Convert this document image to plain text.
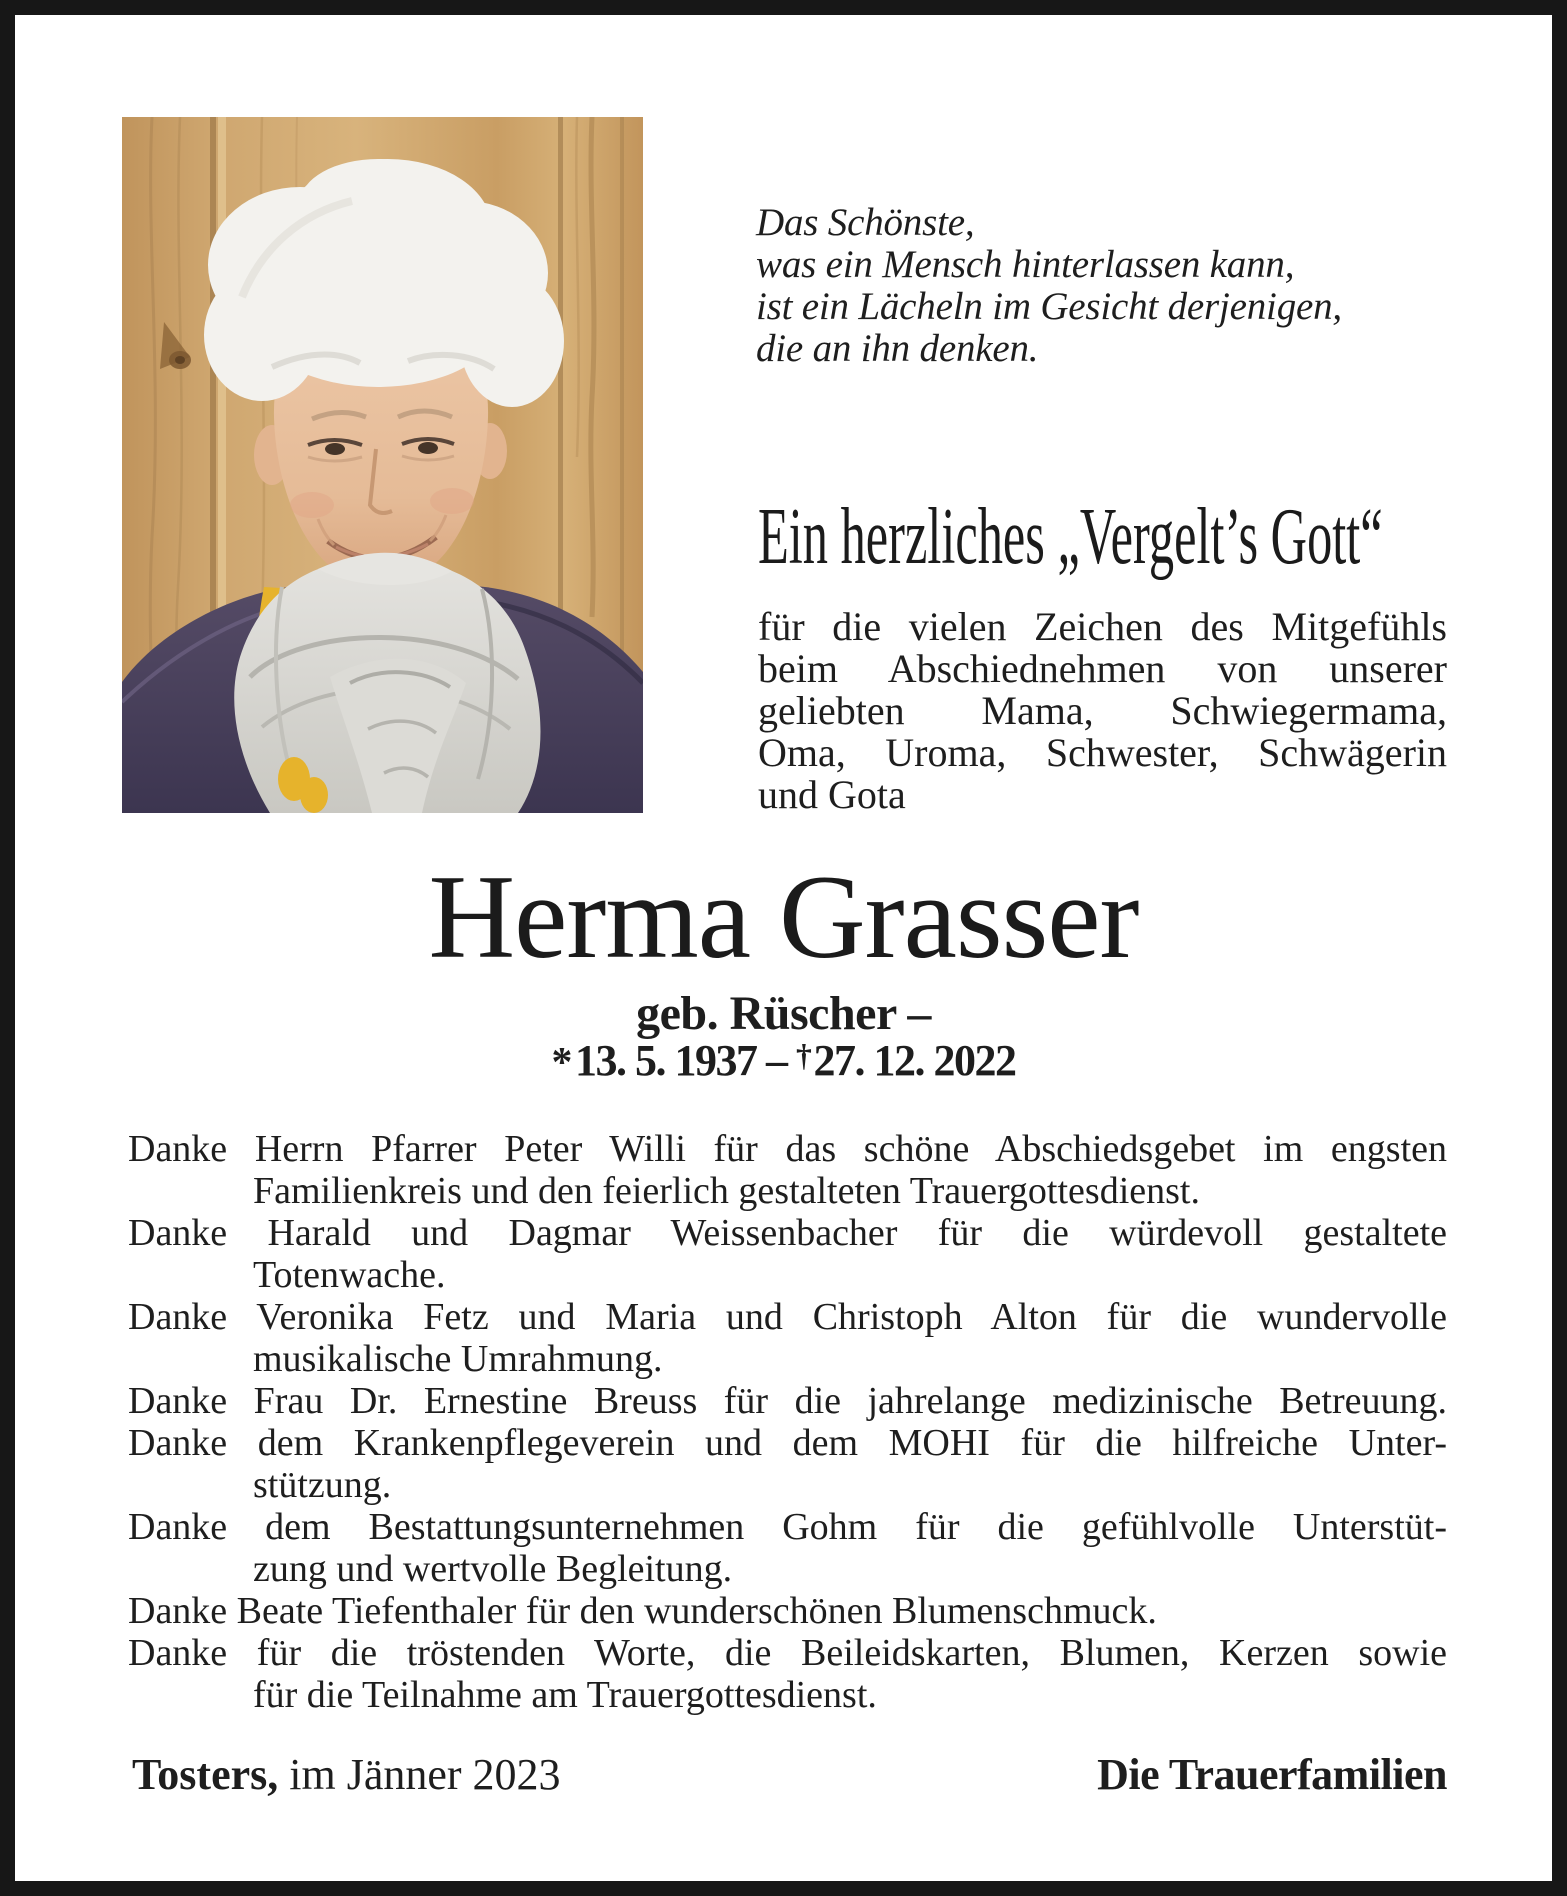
Das Schönste,
was ein Mensch hinterlassen kann,
ist ein Lächeln im Gesicht derjenigen,
die an ihn denken.
Ein herzliches „Vergelt’s Gott“
für die vielen Zeichen des Mitgefühls
beim Abschiednehmen von unserer
geliebten Mama, Schwiegermama,
Oma, Uroma, Schwester, Schwägerin
und Gota
Herma Grasser
geb. Rüscher –
*13. 5. 1937 – †27. 12. 2022
Danke Herrn Pfarrer Peter Willi für das schöne Abschiedsgebet im engsten
Familienkreis und den feierlich gestalteten Trauergottesdienst.
Danke Harald und Dagmar Weissenbacher für die würdevoll gestaltete
Totenwache.
Danke Veronika Fetz und Maria und Christoph Alton für die wundervolle
musikalische Umrahmung.
Danke Frau Dr. Ernestine Breuss für die jahrelange medizinische Betreuung.
Danke dem Krankenpflegeverein und dem MOHI für die hilfreiche Unter-
stützung.
Danke dem Bestattungsunternehmen Gohm für die gefühlvolle Unterstüt-
zung und wertvolle Begleitung.
Danke Beate Tiefenthaler für den wunderschönen Blumenschmuck.
Danke für die tröstenden Worte, die Beileidskarten, Blumen, Kerzen sowie
für die Teilnahme am Trauergottesdienst.
Tosters, im Jänner 2023	Die Trauerfamilien
